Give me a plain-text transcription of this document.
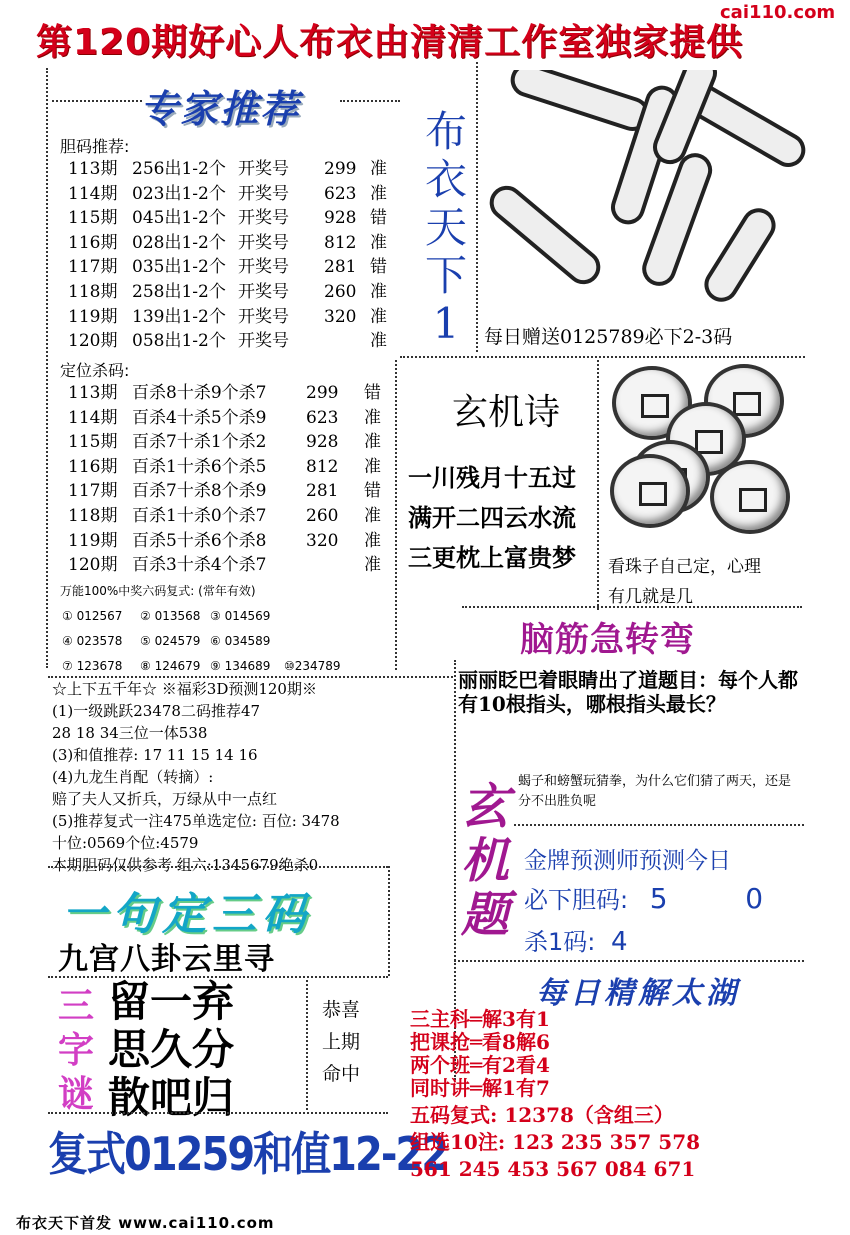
第120期好心人布衣由清清工作室独家提供
cai110.com
专家推荐
胆码推荐:
113期 256出1-2个 开奖号	299 准
114期 023出1-2个 开奖号	623 准
115期 045出1-2个 开奖号	928 错
116期 028出1-2个 开奖号	812 准
117期 035出1-2个 开奖号	281 错
118期 258出1-2个 开奖号	260 准
119期 139出1-2个 开奖号	320 准
120期 058出1-2个 开奖号	准
定位杀码:
113期 百杀8十杀9个杀7	299	错
114期 百杀4十杀5个杀9	623	准
115期 百杀7十杀1个杀2	928	准
116期 百杀1十杀6个杀5	812	准
117期 百杀7十杀8个杀9	281	错
118期 百杀1十杀0个杀7	260	准
119期 百杀5十杀6个杀8	320	准
120期 百杀3十杀4个杀7	准
万能100%中奖六码复式: (常年有效)
① 012567 ② 013568 ③ 014569
④ 023578 ⑤ 024579 ⑥ 034589
⑦ 123678 ⑧ 124679 ⑨ 134689 ⑩234789
布衣天下1	每日赠送0125789必下2-3码
玄机诗
一川残月十五过
满开二四云水流
三更枕上富贵梦 看珠子自己定，心理
有几就是几
脑筋急转弯
丽丽眨巴着眼睛出了道题目：每个人都有10根指头，哪根指头最长？
☆上下五千年☆ ※福彩3D预测120期※
(1)一级跳跃23478二码推荐47
28 18 34三位一体538
(3)和值推荐: 17 11 15 14 16
(4)九龙生肖配（转摘）:
赔了夫人又折兵，万绿从中一点红
(5)推荐复式一注475单选定位: 百位: 3478
十位:0569个位:4579
本期胆码仅供参考 组六:1345679绝杀0
玄机题
蝎子和螃蟹玩猜拳，为什么它们猜了两天，还是分不出胜负呢
金牌预测师预测今日
必下胆码: 5	0
杀1码: 4
一句定三码
九宫八卦云里寻
三字谜
留一弃
思久分
散吧归
恭喜
上期
命中
复式01259和值12-22
每日精解太湖
三主科═解3有1
把课抢═看8解6
两个班═有2看4
同时讲═解1有7
五码复式: 12378（含组三）
组选10注: 123 235 357 578
561 245 453 567 084 671
布衣天下首发 www.cai110.com
